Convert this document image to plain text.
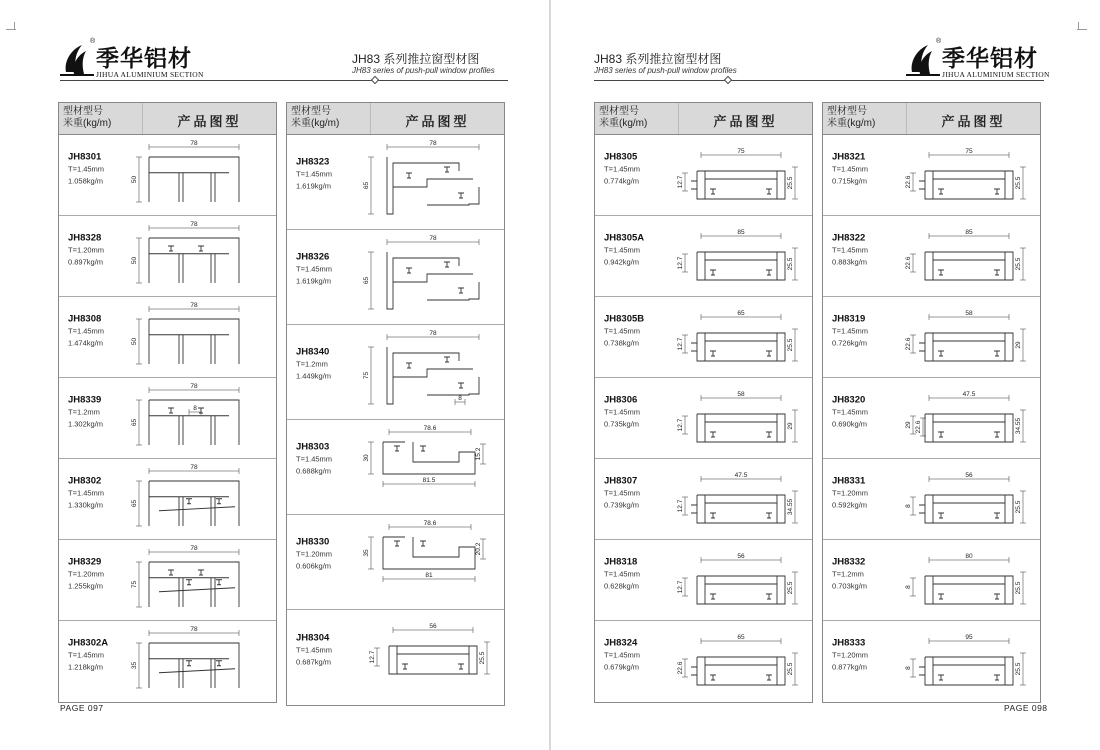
®
季华铝材
JIHUA ALUMINIUM SECTION
JH83 系列推拉窗型材图
JH83 series of push-pull window profiles
型材型号
米重(kg/m)	产品图型
JH8301
T=1.45mm
1.058kg/m
78
50
JH8328
T=1.20mm
0.897kg/m
78
50
JH8308
T=1.45mm
1.474kg/m
78
50
JH8339
T=1.2mm
1.302kg/m
78
65
8
JH8302
T=1.45mm
1.330kg/m
78
65
JH8329
T=1.20mm
1.255kg/m
78
75
JH8302A
T=1.45mm
1.218kg/m
78
35
型材型号
米重(kg/m)	产品图型
JH8323
T=1.45mm
1.619kg/m
78
65
JH8326
T=1.45mm
1.619kg/m
78
65
JH8340
T=1.2mm
1.449kg/m
78
75
8
JH8303
T=1.45mm
0.688kg/m
78.6
30	15.2
81.5
JH8330
T=1.20mm
0.606kg/m
78.6
35	20.2
81
JH8304
T=1.45mm
0.687kg/m
56
12.7	25.5
PAGE 097
JH83 系列推拉窗型材图
JH83 series of push-pull window profiles
®
季华铝材
JIHUA ALUMINIUM SECTION
型材型号
米重(kg/m)	产品图型
JH8305
T=1.45mm
0.774kg/m
75
12.7	25.5
JH8305A
T=1.45mm
0.942kg/m
85
12.7	25.5
JH8305B
T=1.45mm
0.738kg/m
65
12.7	25.5
JH8306
T=1.45mm
0.735kg/m
58
12.7	29
JH8307
T=1.45mm
0.739kg/m
47.5
12.7	34.55
JH8318
T=1.45mm
0.628kg/m
56
12.7	25.5
JH8324
T=1.45mm
0.679kg/m
65
22.6	25.5
型材型号
米重(kg/m)	产品图型
JH8321
T=1.45mm
0.715kg/m
75
22.6	25.5
JH8322
T=1.45mm
0.883kg/m
85
22.6	25.5
JH8319
T=1.45mm
0.726kg/m
58
22.6	29
JH8320
T=1.45mm
0.690kg/m
47.5
29	34.55
22.6
JH8331
T=1.20mm
0.592kg/m
56
8	25.5
JH8332
T=1.2mm
0.703kg/m
80
8	25.5
JH8333
T=1.20mm
0.877kg/m
95
8	25.5
PAGE 098
